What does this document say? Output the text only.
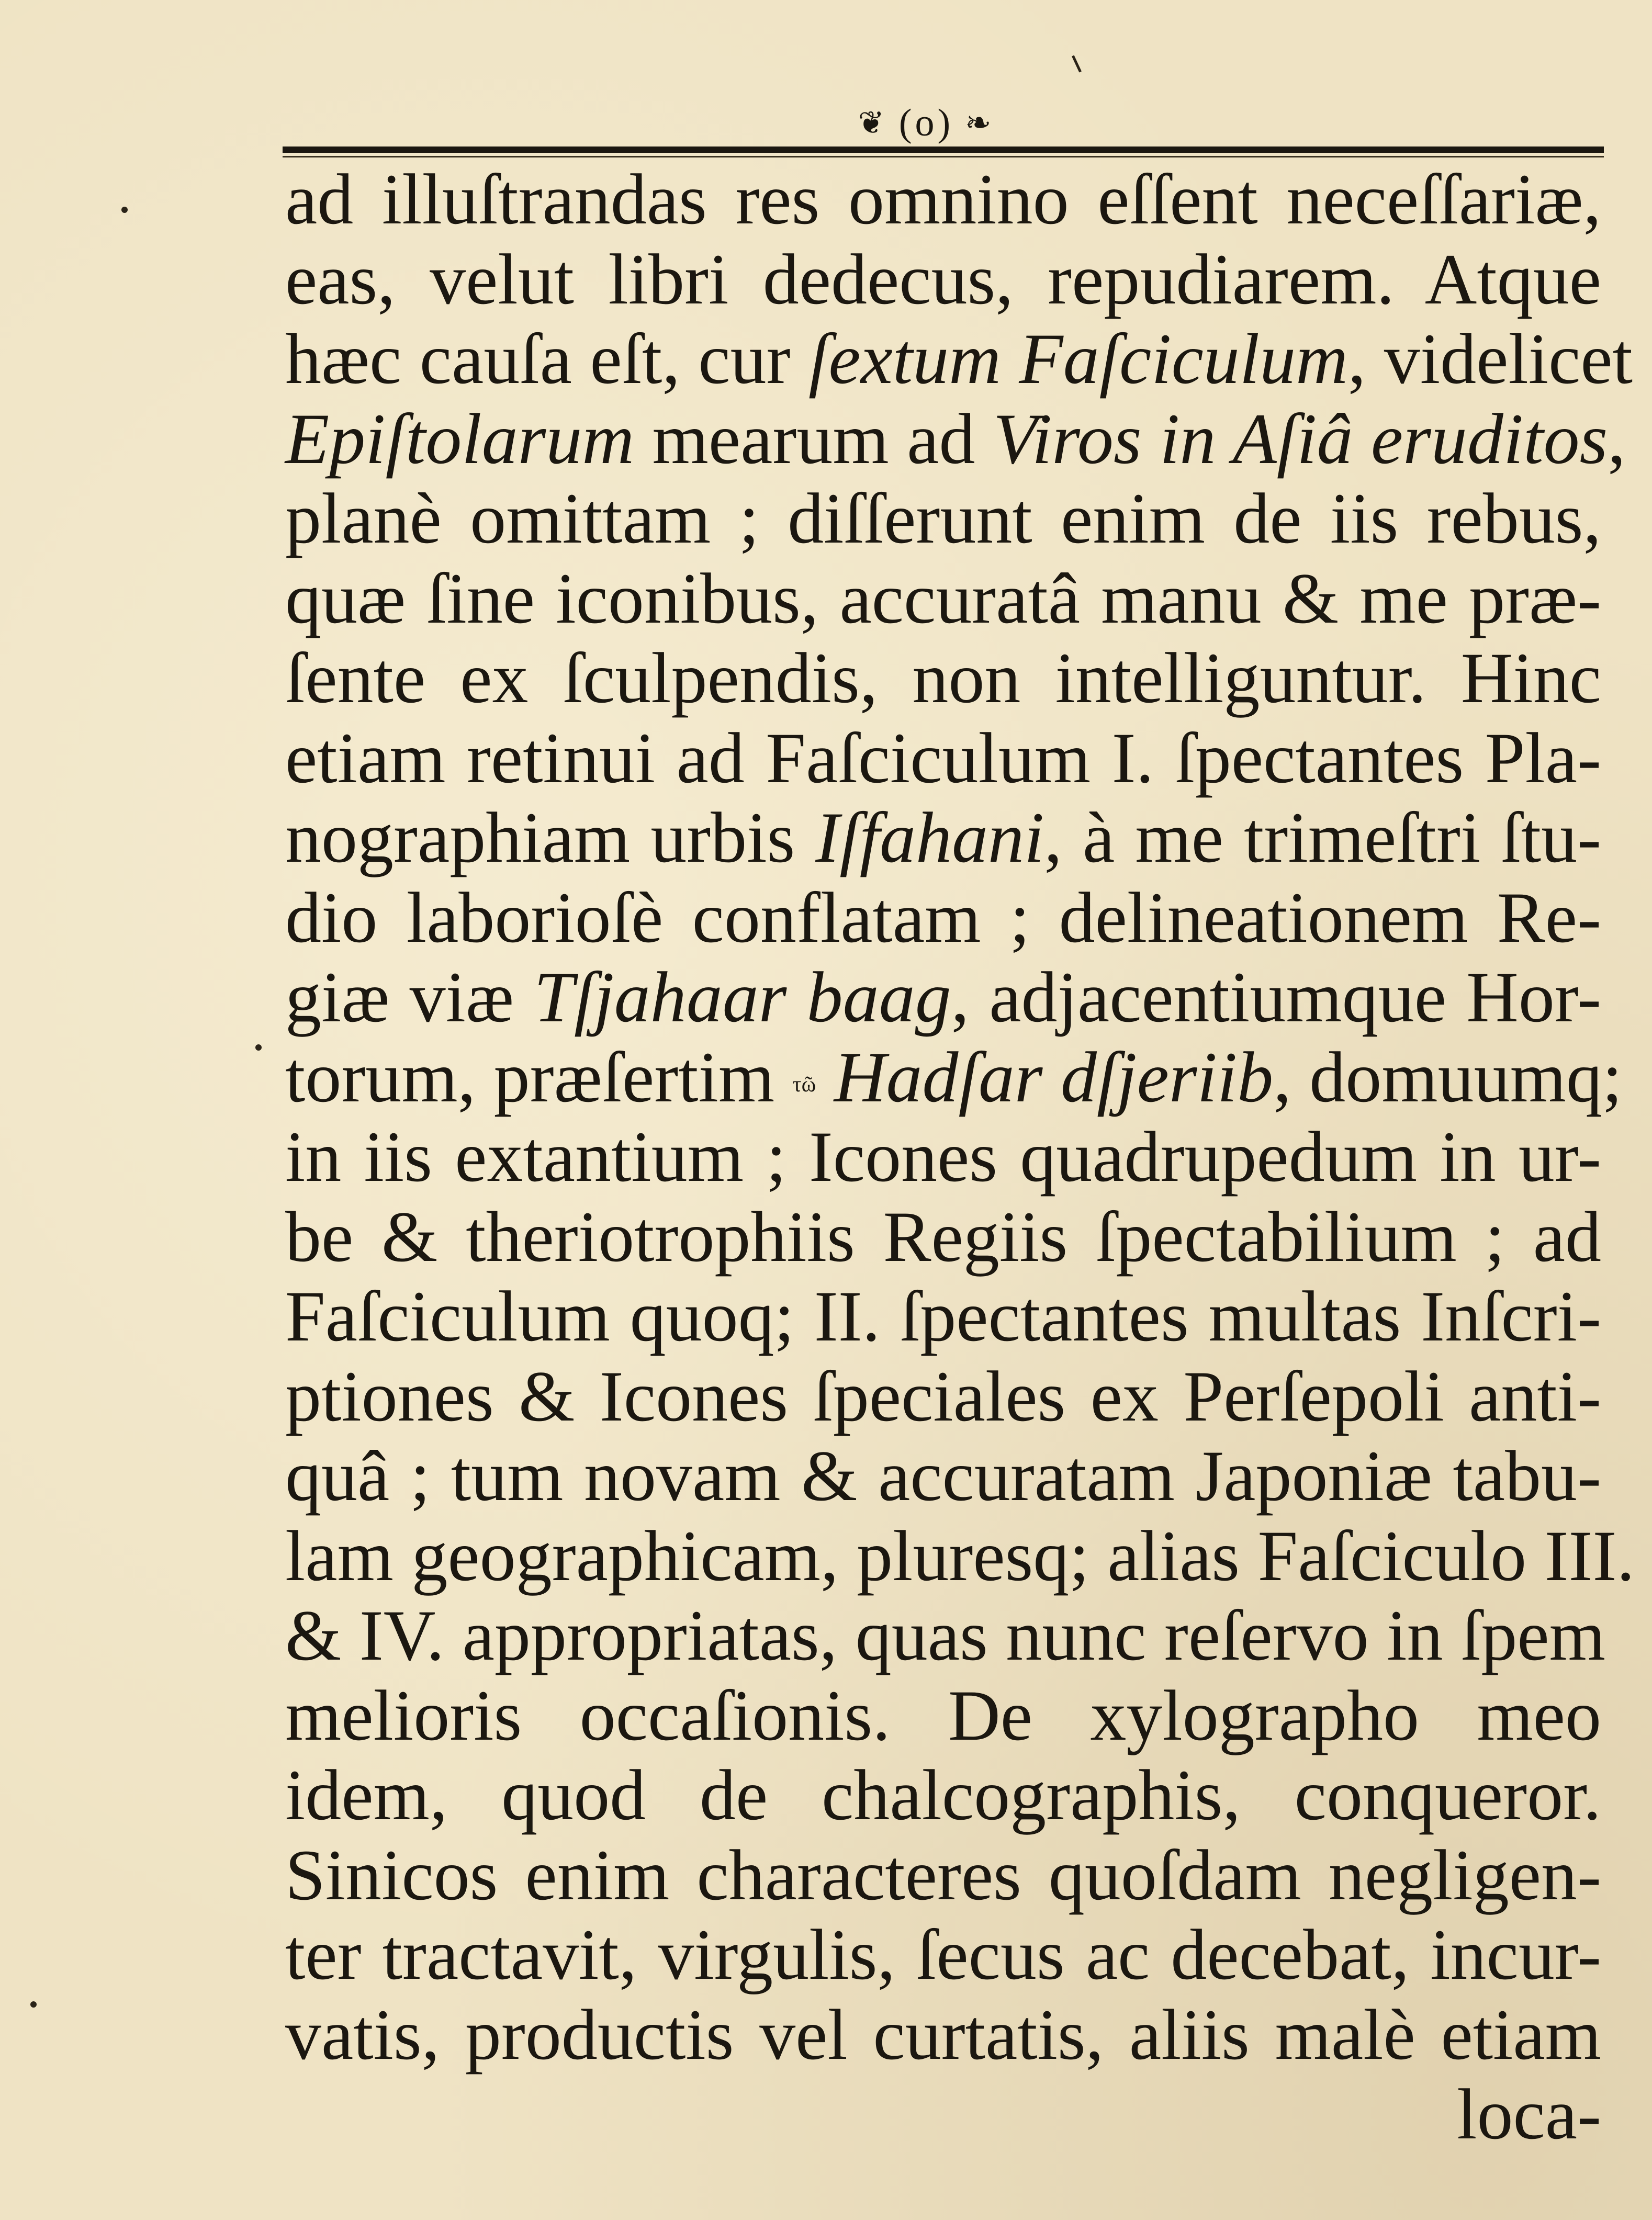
❦ (o) ❧
ad illuſtrandas res omnino eſſent neceſſariæ,
eas, velut libri dedecus, repudiarem. Atque
hæc cauſa eſt, cur ſextum Faſciculum, videlicet
Epiſtolarum mearum ad Viros in Aſiâ eruditos,
planè omittam ; diſſerunt enim de iis rebus,
quæ ſine iconibus, accuratâ manu & me præ-
ſente ex ſculpendis, non intelliguntur. Hinc
etiam retinui ad Faſciculum I. ſpectantes Pla-
nographiam urbis Iſfahani, à me trimeſtri ſtu-
dio laborioſè conflatam ; delineationem Re-
giæ viæ Tſjahaar baag, adjacentiumque Hor-
torum, præſertim τῶ Hadſar dſjeriib, domuumq;
in iis extantium ; Icones quadrupedum in ur-
be & theriotrophiis Regiis ſpectabilium ; ad
Faſciculum quoq; II. ſpectantes multas Inſcri-
ptiones & Icones ſpeciales ex Perſepoli anti-
quâ ; tum novam & accuratam Japoniæ tabu-
lam geographicam, pluresq; alias Faſciculo III.
& IV. appropriatas, quas nunc reſervo in ſpem
melioris occaſionis. De xylographo meo
idem, quod de chalcographis, conqueror.
Sinicos enim characteres quoſdam negligen-
ter tractavit, virgulis, ſecus ac decebat, incur-
vatis, productis vel curtatis, aliis malè etiam
loca-
